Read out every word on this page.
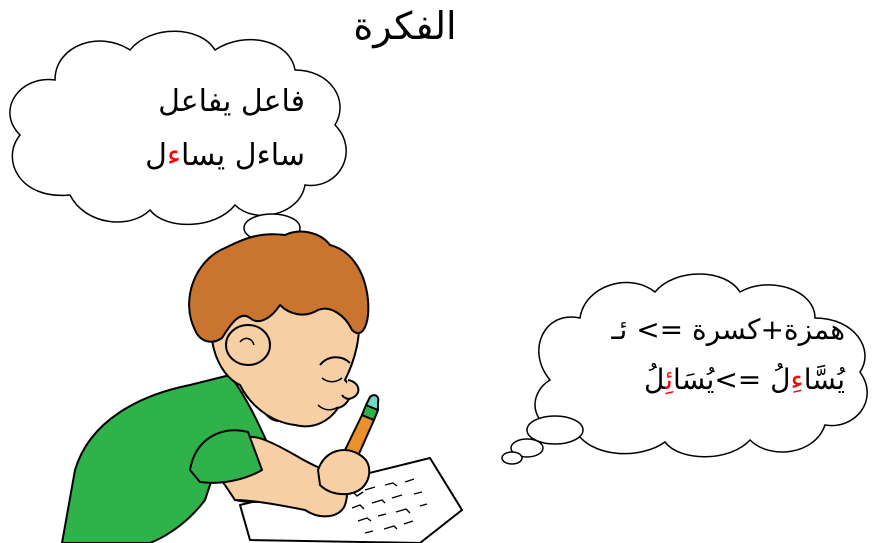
الفكرة
فاعل يفاعل
ساءل يساءل
همزة+كسرة => ئـ
يُسَّاءِلُ =>يُسَائِلُ
